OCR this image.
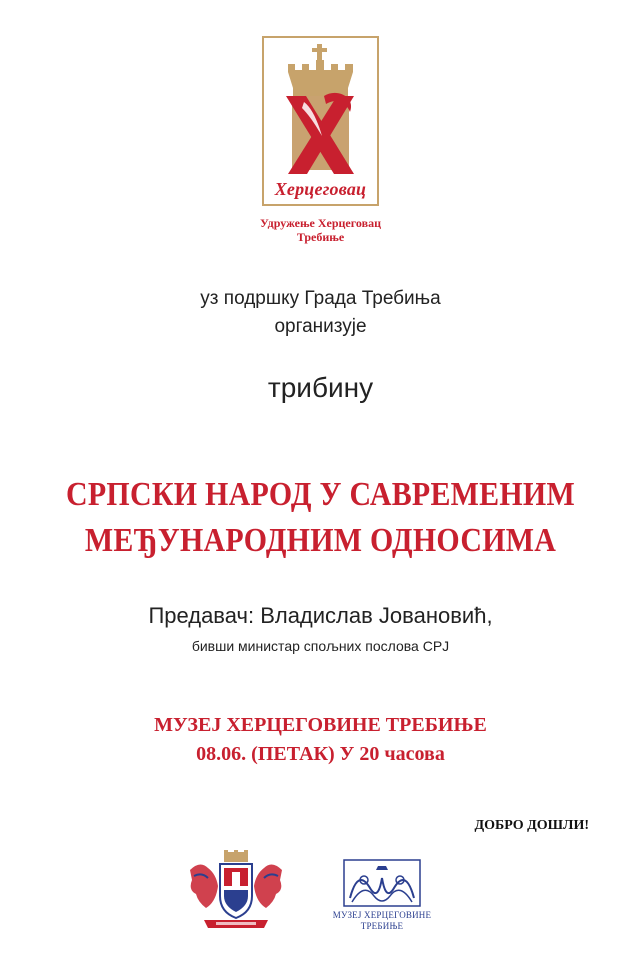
Херцеговац
Удружење Херцеговац
Требиње
уз подршку Града Требиња
организује
трибину
СРПСКИ НАРОД У САВРЕМЕНИМ
МЕЂУНАРОДНИМ ОДНОСИМА
Предавач: Владислав Јовановић,
бивши министар спољних послова СРЈ
МУЗЕЈ ХЕРЦЕГОВИНЕ ТРЕБИЊЕ
08.06. (ПЕТАК) У 20 часова
ДОБРО ДОШЛИ!
МУЗЕЈ ХЕРЦЕГОВИНЕ
ТРЕБИЊЕ
